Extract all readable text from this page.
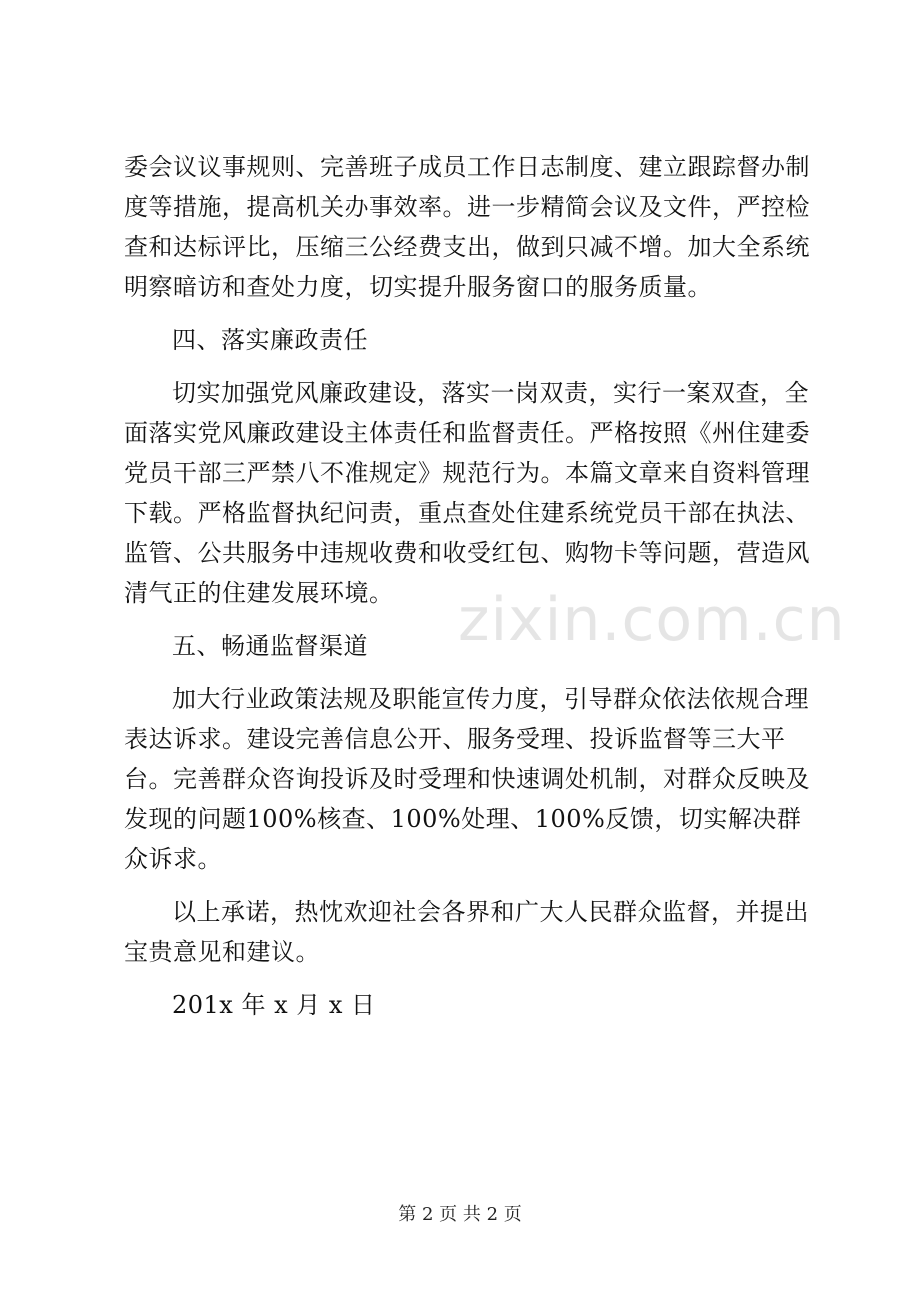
委会议议事规则、完善班子成员工作日志制度、建立跟踪督办制度等措施，提高机关办事效率。进一步精简会议及文件，严控检查和达标评比，压缩三公经费支出，做到只减不增。加大全系统明察暗访和查处力度，切实提升服务窗口的服务质量。

四、落实廉政责任

切实加强党风廉政建设，落实一岗双责，实行一案双查，全面落实党风廉政建设主体责任和监督责任。严格按照《州住建委党员干部三严禁八不准规定》规范行为。本篇文章来自资料管理下载。严格监督执纪问责，重点查处住建系统党员干部在执法、监管、公共服务中违规收费和收受红包、购物卡等问题，营造风清气正的住建发展环境。

五、畅通监督渠道

加大行业政策法规及职能宣传力度，引导群众依法依规合理表达诉求。建设完善信息公开、服务受理、投诉监督等三大平台。完善群众咨询投诉及时受理和快速调处机制，对群众反映及发现的问题100%核查、100%处理、100%反馈，切实解决群众诉求。

以上承诺，热忱欢迎社会各界和广大人民群众监督，并提出宝贵意见和建议。

201x 年 x 月 x 日

zixin.com.cn
第 2 页 共 2 页
